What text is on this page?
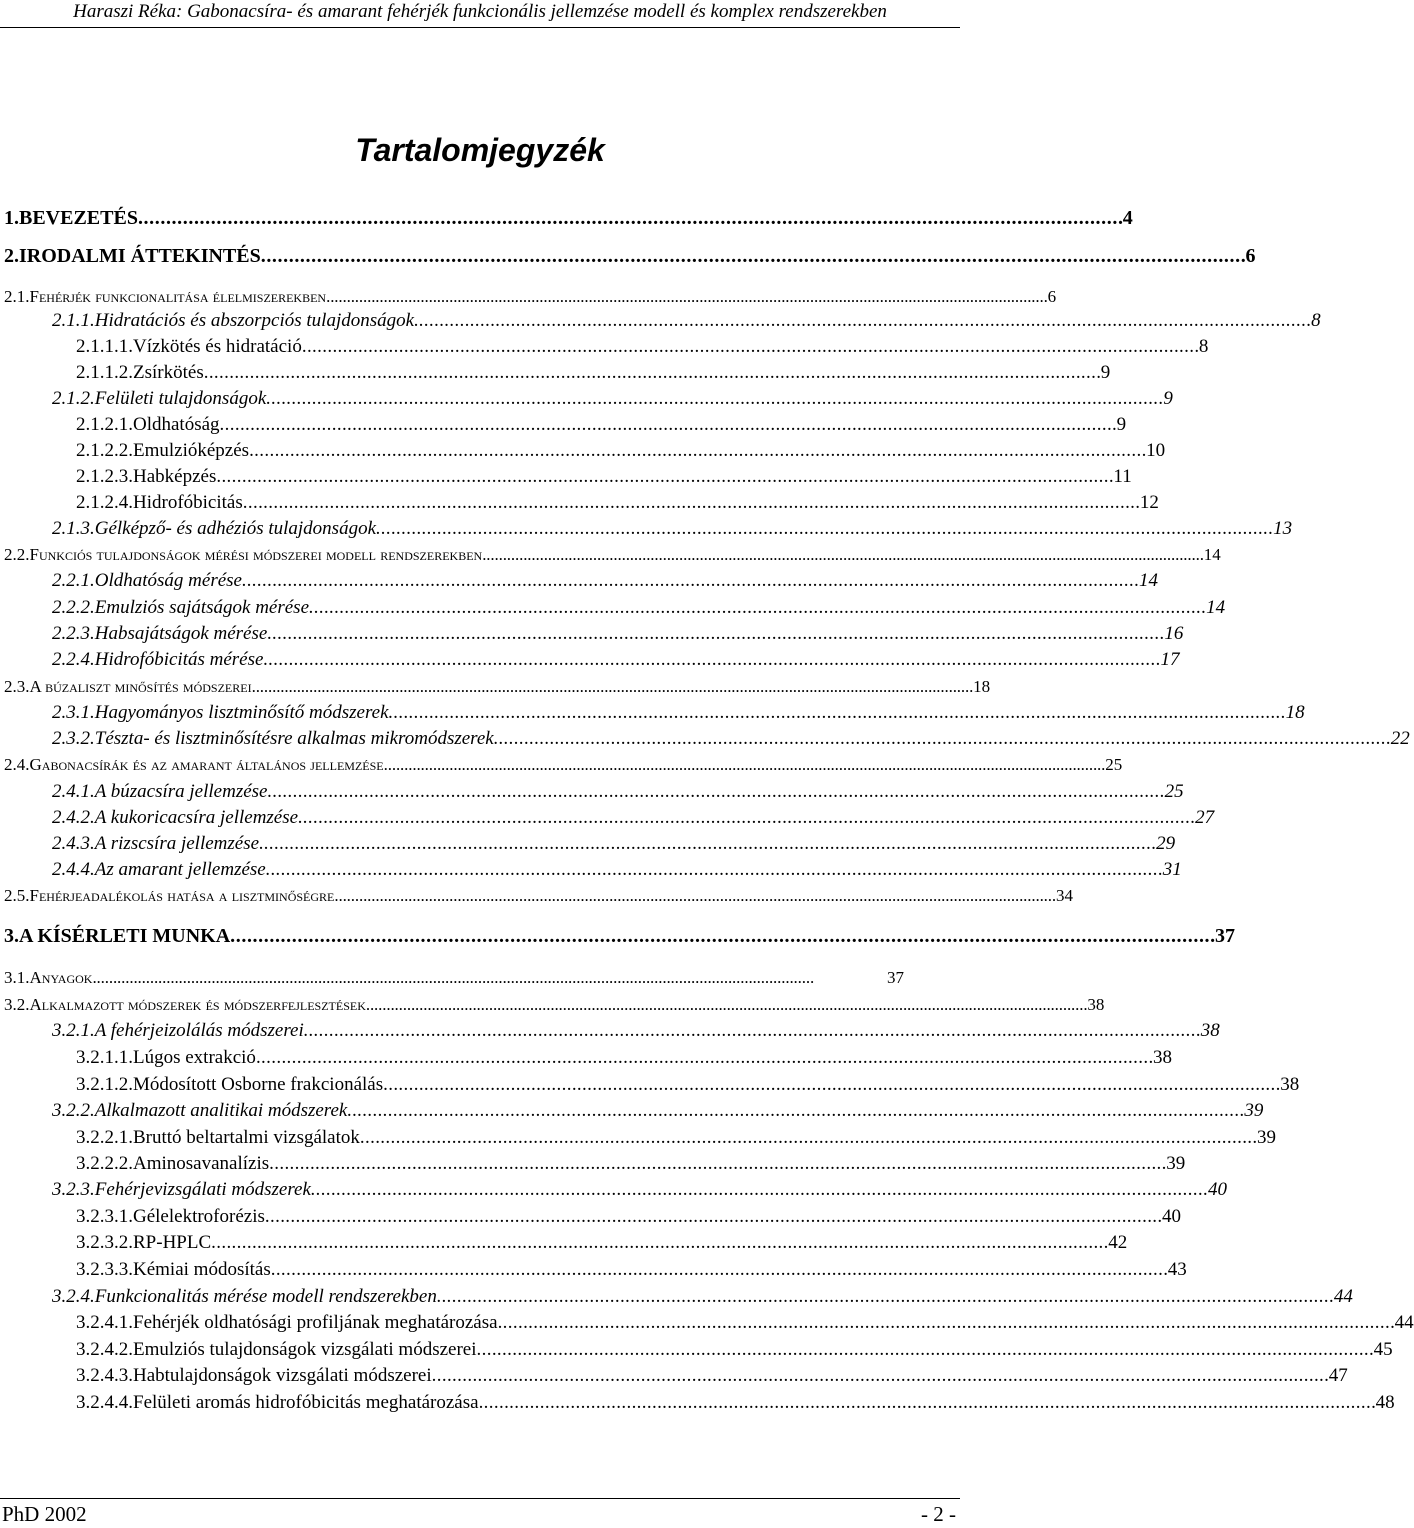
Haraszi Réka: Gabonacsíra- és amarant fehérjék funkcionális jellemzése modell és komplex rendszerekben
Tartalomjegyzék
1. BEVEZETÉS . . .	4
2. IRODALMI ÁTTEKINTÉS . . .	6
2.1. Fehérjék funkcionalitása élelmiszerekben . . .	6
2.1.1. Hidratációs és abszorpciós tulajdonságok . . .	8
2.1.1.1. Vízkötés és hidratáció . . .	8
2.1.1.2. Zsírkötés . . .	9
2.1.2. Felületi tulajdonságok . . .	9
2.1.2.1. Oldhatóság . . .	9
2.1.2.2. Emulzióképzés . . .	10
2.1.2.3. Habképzés . . .	11
2.1.2.4. Hidrofóbicitás . . .	12
2.1.3. Gélképző- és adhéziós tulajdonságok . . .	13
2.2. Funkciós tulajdonságok mérési módszerei modell rendszerekben . . .	14
2.2.1. Oldhatóság mérése . . .	14
2.2.2. Emulziós sajátságok mérése . . .	14
2.2.3. Habsajátságok mérése . . .	16
2.2.4. Hidrofóbicitás mérése . . .	17
2.3. A búzaliszt minősítés módszerei . . .	18
2.3.1. Hagyományos lisztminősítő módszerek . . .	18
2.3.2. Tészta- és lisztminősítésre alkalmas mikromódszerek . . .	22
2.4. Gabonacsírák és az amarant általános jellemzése . . .	25
2.4.1. A búzacsíra jellemzése . . .	25
2.4.2. A kukoricacsíra jellemzése . . .	27
2.4.3. A rizscsíra jellemzése . . .	29
2.4.4. Az amarant jellemzése . . .	31
2.5. Fehérjeadalékolás hatása a lisztminőségre . . .	34
3. A KÍSÉRLETI MUNKA . . .	37
3.1. Anyagok . . .	37
3.2. Alkalmazott módszerek és módszerfejlesztések . . .	38
3.2.1. A fehérjeizolálás módszerei . . .	38
3.2.1.1. Lúgos extrakció . . .	38
3.2.1.2. Módosított Osborne frakcionálás . . .	38
3.2.2. Alkalmazott analitikai módszerek . . .	39
3.2.2.1. Bruttó beltartalmi vizsgálatok . . .	39
3.2.2.2. Aminosavanalízis . . .	39
3.2.3. Fehérjevizsgálati módszerek . . .	40
3.2.3.1. Gélelektroforézis . . .	40
3.2.3.2. RP-HPLC . . .	42
3.2.3.3. Kémiai módosítás . . .	43
3.2.4. Funkcionalitás mérése modell rendszerekben . . .	44
3.2.4.1. Fehérjék oldhatósági profiljának meghatározása . . .	44
3.2.4.2. Emulziós tulajdonságok vizsgálati módszerei . . .	45
3.2.4.3. Habtulajdonságok vizsgálati módszerei . . .	47
3.2.4.4. Felületi aromás hidrofóbicitás meghatározása . . .	48
PhD 2002	- 2 -
